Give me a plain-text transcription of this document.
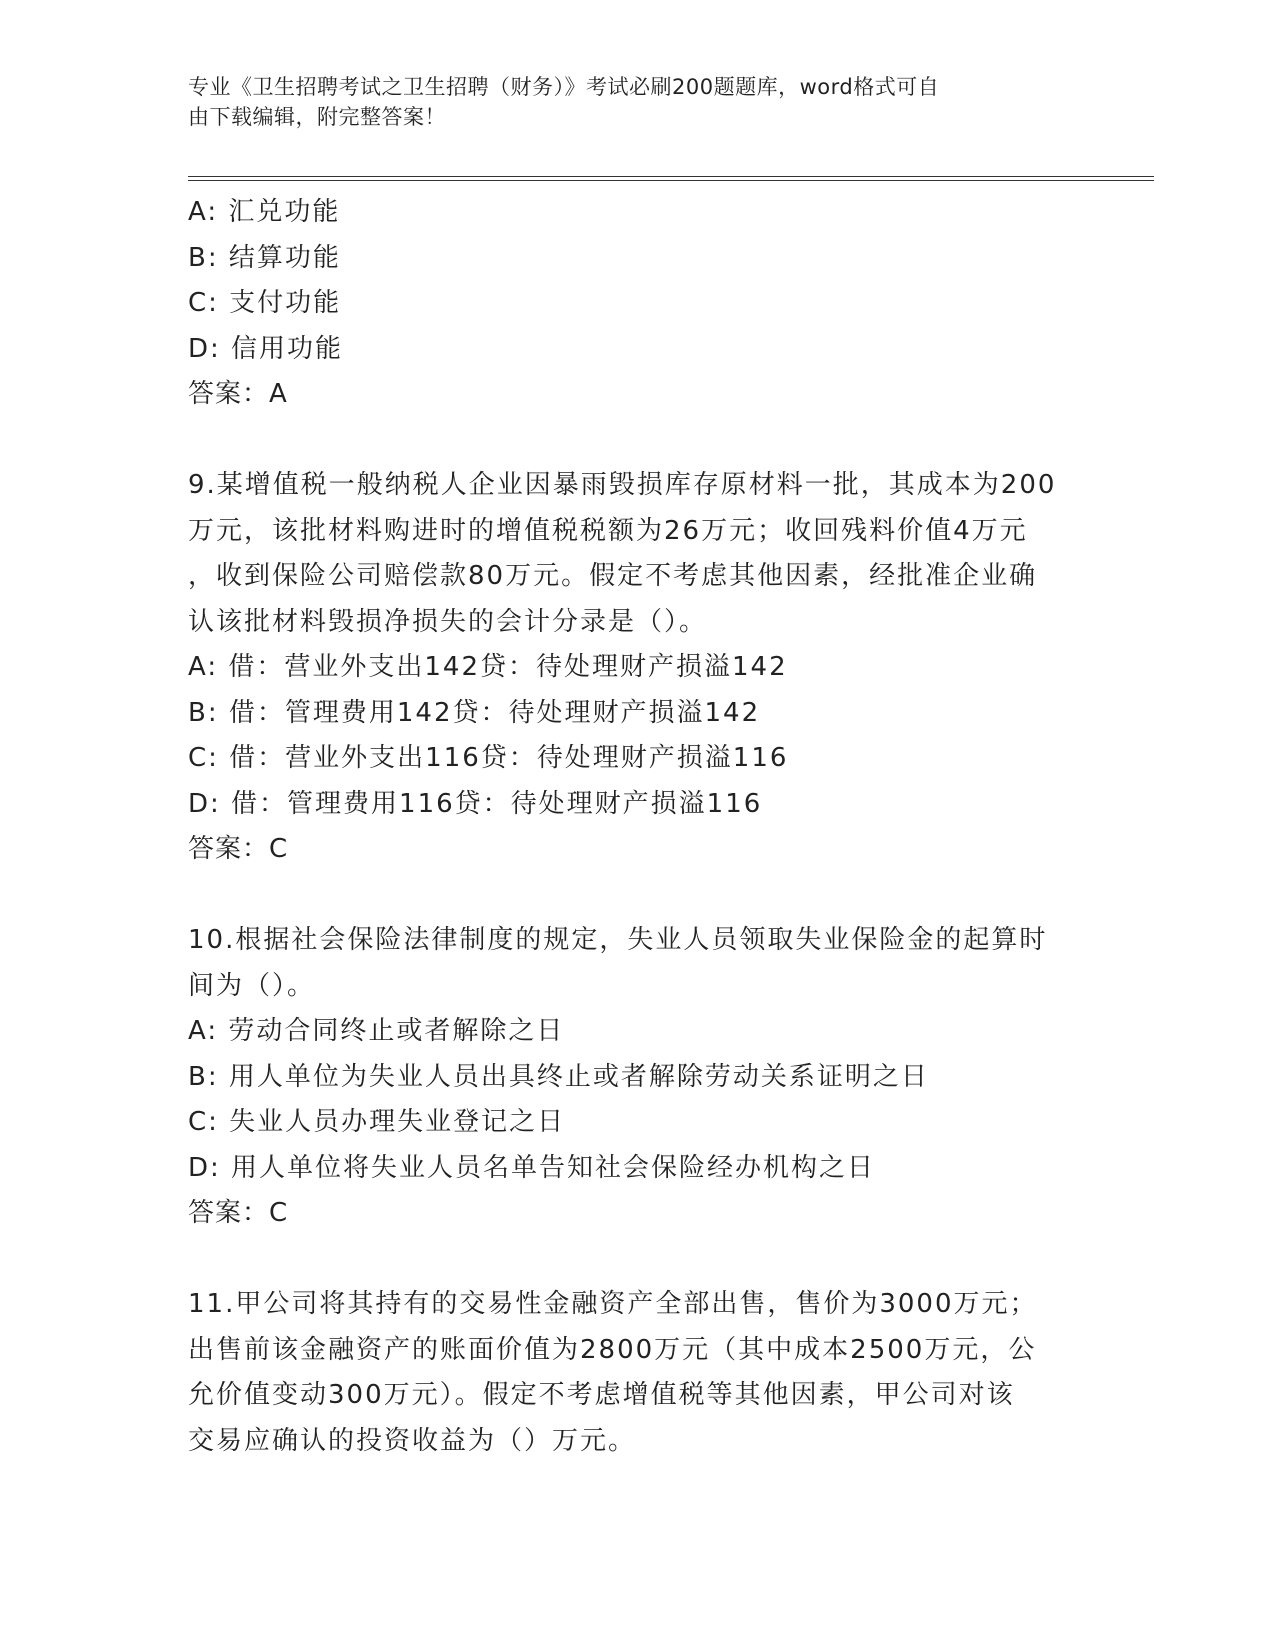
专业《卫生招聘考试之卫生招聘（财务）》考试必刷200题题库，word格式可自
由下载编辑，附完整答案！
A: 汇兑功能
B: 结算功能
C: 支付功能
D: 信用功能
答案：A
9.某增值税一般纳税人企业因暴雨毁损库存原材料一批，其成本为200
万元，该批材料购进时的增值税税额为26万元；收回残料价值4万元
，收到保险公司赔偿款80万元。假定不考虑其他因素，经批准企业确
认该批材料毁损净损失的会计分录是（）。
A: 借：营业外支出142贷：待处理财产损溢142
B: 借：管理费用142贷：待处理财产损溢142
C: 借：营业外支出116贷：待处理财产损溢116
D: 借：管理费用116贷：待处理财产损溢116
答案：C
10.根据社会保险法律制度的规定，失业人员领取失业保险金的起算时
间为（）。
A: 劳动合同终止或者解除之日
B: 用人单位为失业人员出具终止或者解除劳动关系证明之日
C: 失业人员办理失业登记之日
D: 用人单位将失业人员名单告知社会保险经办机构之日
答案：C
11.甲公司将其持有的交易性金融资产全部出售，售价为3000万元；
出售前该金融资产的账面价值为2800万元（其中成本2500万元，公
允价值变动300万元）。假定不考虑增值税等其他因素，甲公司对该
交易应确认的投资收益为（）万元。
